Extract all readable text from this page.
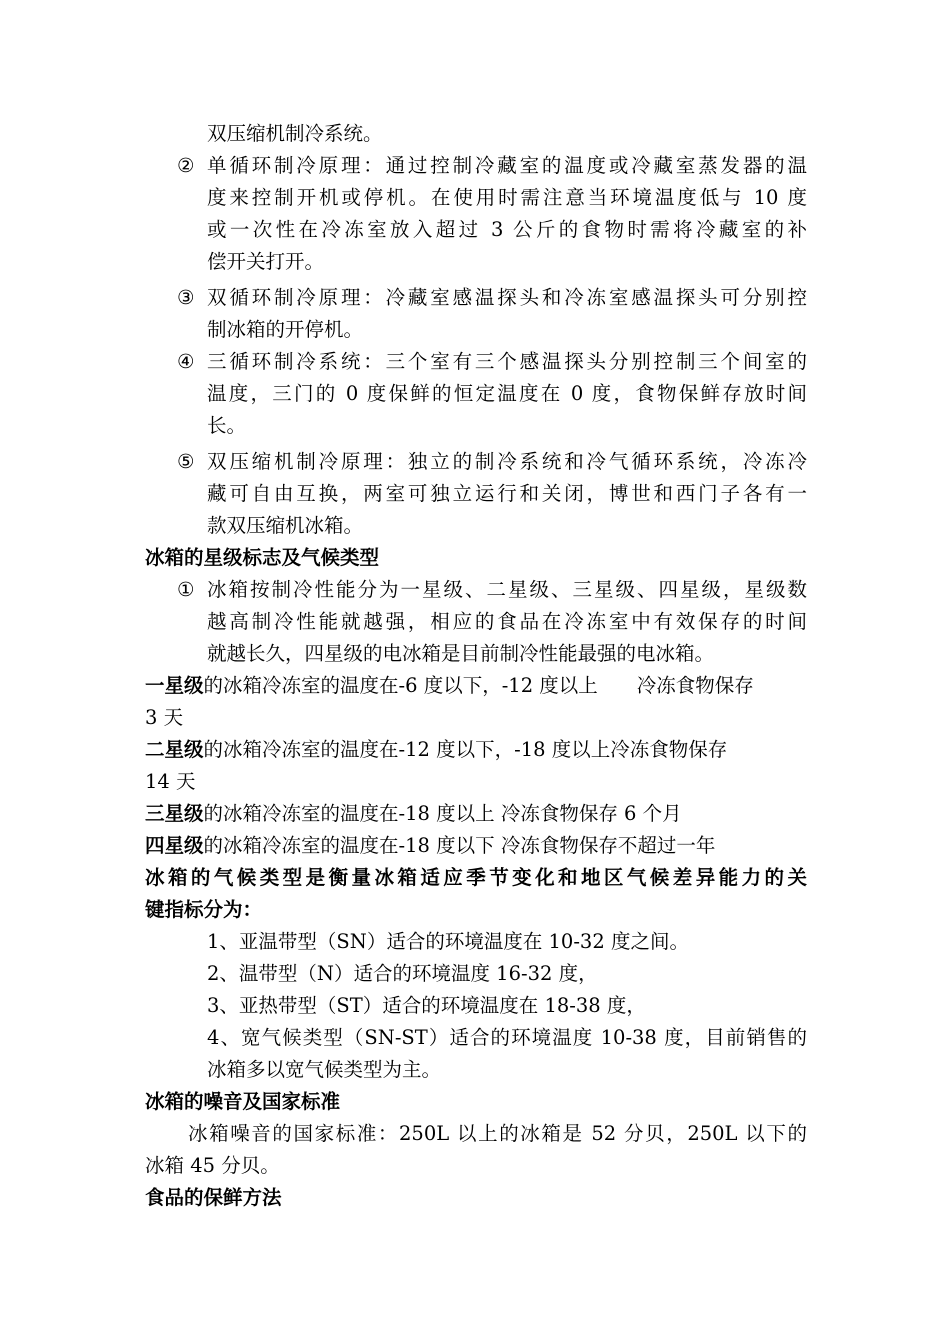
双压缩机制冷系统。
② 单循环制冷原理：通过控制冷藏室的温度或冷藏室蒸发器的温
度来控制开机或停机。在使用时需注意当环境温度低与 10 度
或一次性在冷冻室放入超过 3 公斤的食物时需将冷藏室的补
偿开关打开。
③ 双循环制冷原理：冷藏室感温探头和冷冻室感温探头可分别控
制冰箱的开停机。
④ 三循环制冷系统：三个室有三个感温探头分别控制三个间室的
温度，三门的 0 度保鲜的恒定温度在 0 度，食物保鲜存放时间
长。
⑤ 双压缩机制冷原理：独立的制冷系统和冷气循环系统，冷冻冷
藏可自由互换，两室可独立运行和关闭，博世和西门子各有一
款双压缩机冰箱。
冰箱的星级标志及气候类型
① 冰箱按制冷性能分为一星级、二星级、三星级、四星级，星级数
越高制冷性能就越强，相应的食品在冷冻室中有效保存的时间
就越长久，四星级的电冰箱是目前制冷性能最强的电冰箱。
一星级的冰箱冷冻室的温度在-6 度以下，-12 度以上　　冷冻食物保存
3 天
二星级的冰箱冷冻室的温度在-12 度以下，-18 度以上冷冻食物保存
14 天
三星级的冰箱冷冻室的温度在-18 度以上 冷冻食物保存 6 个月
四星级的冰箱冷冻室的温度在-18 度以下 冷冻食物保存不超过一年
冰箱的气候类型是衡量冰箱适应季节变化和地区气候差异能力的关
键指标分为：
1、亚温带型（SN）适合的环境温度在 10-32 度之间。
2、温带型（N）适合的环境温度 16-32 度，
3、亚热带型（ST）适合的环境温度在 18-38 度，
4、宽气候类型（SN-ST）适合的环境温度 10-38 度，目前销售的
冰箱多以宽气候类型为主。
冰箱的噪音及国家标准
冰箱噪音的国家标准：250L 以上的冰箱是 52 分贝，250L 以下的
冰箱 45 分贝。
食品的保鲜方法
